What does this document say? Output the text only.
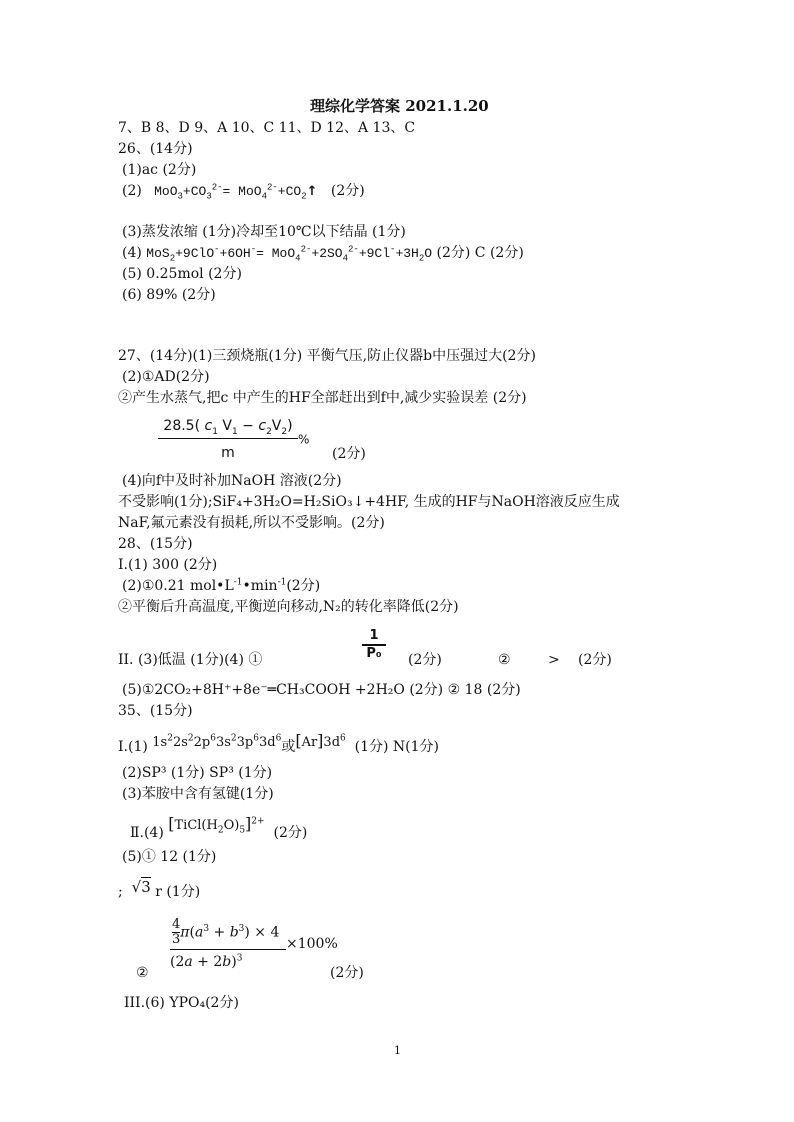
理综化学答案 2021.1.20
7、B 8、D 9、A 10、C 11、D 12、A 13、C
26、(14分)
(1)ac (2分)
(2)  $MoO_3+CO_3^{2-}=$ $MoO_4^{2-}+CO_2↑$ (2分)
(3)蒸发浓缩 (1分)冷却至10℃以下结晶 (1分)
(4) $MoS_2+9ClO^-+6OH^-= MoO_4^{2-}+2SO_4^{2-}+9Cl^-+3H_2O$ (2分) C (2分)
(5) 0.25mol (2分)
(6) 89% (2分)
27、(14分)(1)三颈烧瓶(1分) 平衡气压,防止仪器b中压强过大(2分)
(2)①AD(2分)
②产生水蒸气,把c 中产生的HF全部赶出到f中,减少实验误差 (2分)
$\frac{28.5( c_1 V_1 - c_2V_2)}{m}$ %
(2分)
(4)向f中及时补加NaOH 溶液(2分)
不受影响(1分);SiF₄+3H₂O=H₂SiO₃↓+4HF, 生成的HF与NaOH溶液反应生成
NaF,氟元素没有损耗,所以不受影响。(2分)
28、(15分)
I.(1) 300 (2分)
(2)①0.21 $mol•L^{-1}•\min^{-1}(2$分)
②平衡后升高温度,平衡逆向移动,N₂的转化率降低(2分)
II. (3)低温 (1分)(4) ①	$\frac{1}{\text{P₀}} (2$分)	②	> (2分)
(5)①2CO₂+8H⁺+8e⁻═CH₃COOH +2H₂O (2分) ② 18 (2分)
35、(15分)
I.(1) $1s^22s^22p^63s^23p^63d^6$或$[Ar]3d^6$  (1分) N(1分)
(2)SP³ (1分) SP³ (1分)
(3)苯胺中含有氢键(1分)
Ⅱ.(4) $[TiCl(H_2O)_5]^{2+}$  (2分)
(5)① 12 (1分)
; √3 r (1分)
4
$3\pi(a^3 + b^3) \times 4$
$(2a + 2b)^3$
×100%
②	(2分)
III.(6) YPO₄(2分)
1
